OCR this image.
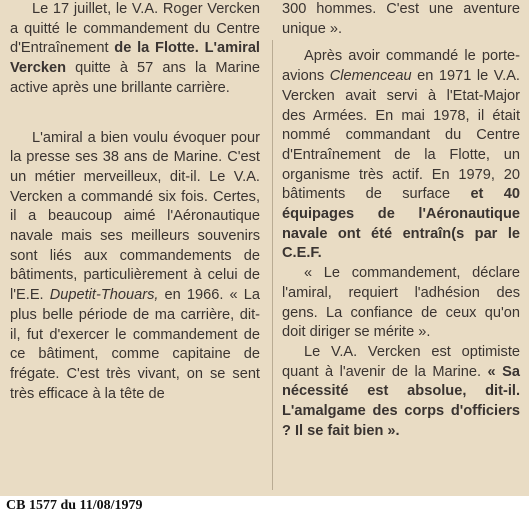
Le 17 juillet, le V.A. Roger Vercken a quitté le commandement du Centre d'Entraînement de la Flotte. L'amiral Vercken quitte à 57 ans la Marine active après une brillante carrière.

L'amiral a bien voulu évoquer pour la presse ses 38 ans de Marine. C'est un métier merveilleux, dit-il. Le V.A. Vercken a commandé six fois. Certes, il a beaucoup aimé l'Aéronautique navale mais ses meilleurs souvenirs sont liés aux commandements de bâtiments, particulièrement à celui de l'E.E. Dupetit-Thouars, en 1966. « La plus belle période de ma carrière, dit-il, fut d'exercer le commandement de ce bâtiment, comme capitaine de frégate. C'est très vivant, on se sent très efficace à la tête de

300 hommes. C'est une aventure unique ».

Après avoir commandé le porte-avions Clemenceau en 1971 le V.A. Vercken avait servi à l'Etat-Major des Armées. En mai 1978, il était nommé commandant du Centre d'Entraînement de la Flotte, un organisme très actif. En 1979, 20 bâtiments de surface et 40 équipages de l'Aéronautique navale ont été entraîn(s par le C.E.F.

« Le commandement, déclare l'amiral, requiert l'adhésion des gens. La confiance de ceux qu'on doit diriger se mérite ».

Le V.A. Vercken est optimiste quant à l'avenir de la Marine. « Sa nécessité est absolue, dit-il. L'amalgame des corps d'officiers ? Il se fait bien ».

CB 1577 du 11/08/1979
